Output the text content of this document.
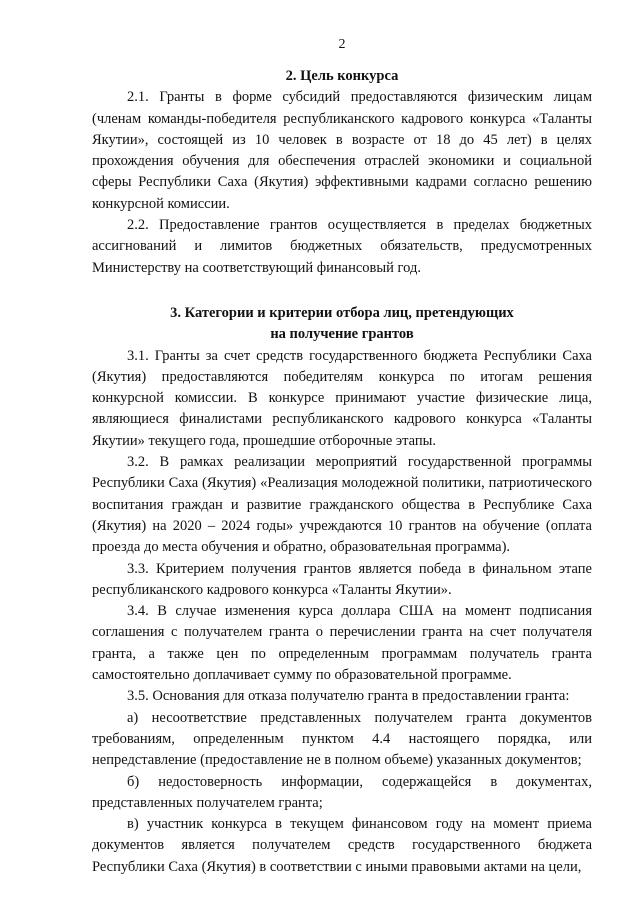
2

2. Цель конкурса

2.1. Гранты в форме субсидий предоставляются физическим лицам (членам команды-победителя республиканского кадрового конкурса «Таланты Якутии», состоящей из 10 человек в возрасте от 18 до 45 лет) в целях прохождения обучения для обеспечения отраслей экономики и социальной сферы Республики Саха (Якутия) эффективными кадрами согласно решению конкурсной комиссии.

2.2. Предоставление грантов осуществляется в пределах бюджетных ассигнований и лимитов бюджетных обязательств, предусмотренных Министерству на соответствующий финансовый год.

3. Категории и критерии отбора лиц, претендующих
на получение грантов

3.1. Гранты за счет средств государственного бюджета Республики Саха (Якутия) предоставляются победителям конкурса по итогам решения конкурсной комиссии. В конкурсе принимают участие физические лица, являющиеся финалистами республиканского кадрового конкурса «Таланты Якутии» текущего года, прошедшие отборочные этапы.

3.2. В рамках реализации мероприятий государственной программы Республики Саха (Якутия) «Реализация молодежной политики, патриотического воспитания граждан и развитие гражданского общества в Республике Саха (Якутия) на 2020 – 2024 годы» учреждаются 10 грантов на обучение (оплата проезда до места обучения и обратно, образовательная программа).

3.3. Критерием получения грантов является победа в финальном этапе республиканского кадрового конкурса «Таланты Якутии».

3.4. В случае изменения курса доллара США на момент подписания соглашения с получателем гранта о перечислении гранта на счет получателя гранта, а также цен по определенным программам получатель гранта самостоятельно доплачивает сумму по образовательной программе.

3.5. Основания для отказа получателю гранта в предоставлении гранта:

а) несоответствие представленных получателем гранта документов требованиям, определенным пунктом 4.4 настоящего порядка, или непредставление (предоставление не в полном объеме) указанных документов;

б) недостоверность информации, содержащейся в документах, представленных получателем гранта;

в) участник конкурса в текущем финансовом году на момент приема документов является получателем средств государственного бюджета Республики Саха (Якутия) в соответствии с иными правовыми актами на цели,
